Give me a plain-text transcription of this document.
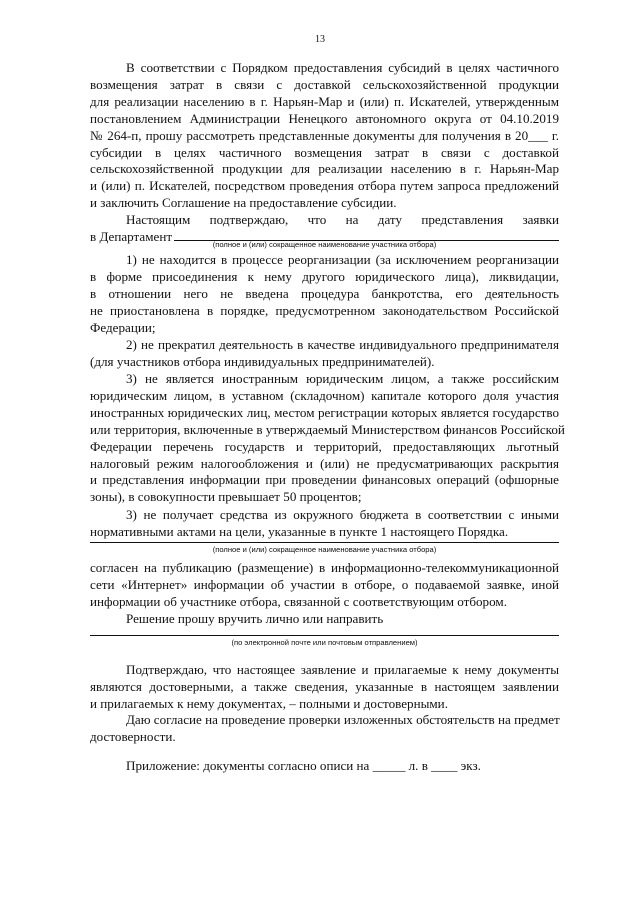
13
В соответствии с Порядком предоставления субсидий в целях частичного
возмещения затрат в связи с доставкой сельскохозяйственной продукции
для реализации населению в г. Нарьян-Мар и (или) п. Искателей, утвержденным
постановлением Администрации Ненецкого автономного округа от 04.10.2019
№ 264-п, прошу рассмотреть представленные документы для получения в 20___ г.
субсидии в целях частичного возмещения затрат в связи с доставкой
сельскохозяйственной продукции для реализации населению в г. Нарьян-Мар
и (или) п. Искателей, посредством проведения отбора путем запроса предложений
и заключить Соглашение на предоставление субсидии.
Настоящим подтверждаю, что на дату представления заявки
в Департамент
(полное и (или) сокращенное наименование участника отбора)
1) не находится в процессе реорганизации (за исключением реорганизации
в форме присоединения к нему другого юридического лица), ликвидации,
в отношении него не введена процедура банкротства, его деятельность
не приостановлена в порядке, предусмотренном законодательством Российской
Федерации;
2) не прекратил деятельность в качестве индивидуального предпринимателя
(для участников отбора индивидуальных предпринимателей).
3) не является иностранным юридическим лицом, а также российским
юридическим лицом, в уставном (складочном) капитале которого доля участия
иностранных юридических лиц, местом регистрации которых является государство
или территория, включенные в утверждаемый Министерством финансов Российской
Федерации перечень государств и территорий, предоставляющих льготный
налоговый режим налогообложения и (или) не предусматривающих раскрытия
и представления информации при проведении финансовых операций (офшорные
зоны), в совокупности превышает 50 процентов;
3) не получает средства из окружного бюджета в соответствии с иными
нормативными актами на цели, указанные в пункте 1 настоящего Порядка.
(полное и (или) сокращенное наименование участника отбора)
согласен на публикацию (размещение) в информационно-телекоммуникационной
сети «Интернет» информации об участии в отборе, о подаваемой заявке, иной
информации об участнике отбора, связанной с соответствующим отбором.
Решение прошу вручить лично или направить
(по электронной почте или почтовым отправлением)
Подтверждаю, что настоящее заявление и прилагаемые к нему документы
являются достоверными, а также сведения, указанные в настоящем заявлении
и прилагаемых к нему документах, – полными и достоверными.
Даю согласие на проведение проверки изложенных обстоятельств на предмет
достоверности.
Приложение: документы согласно описи на _____ л. в ____ экз.
